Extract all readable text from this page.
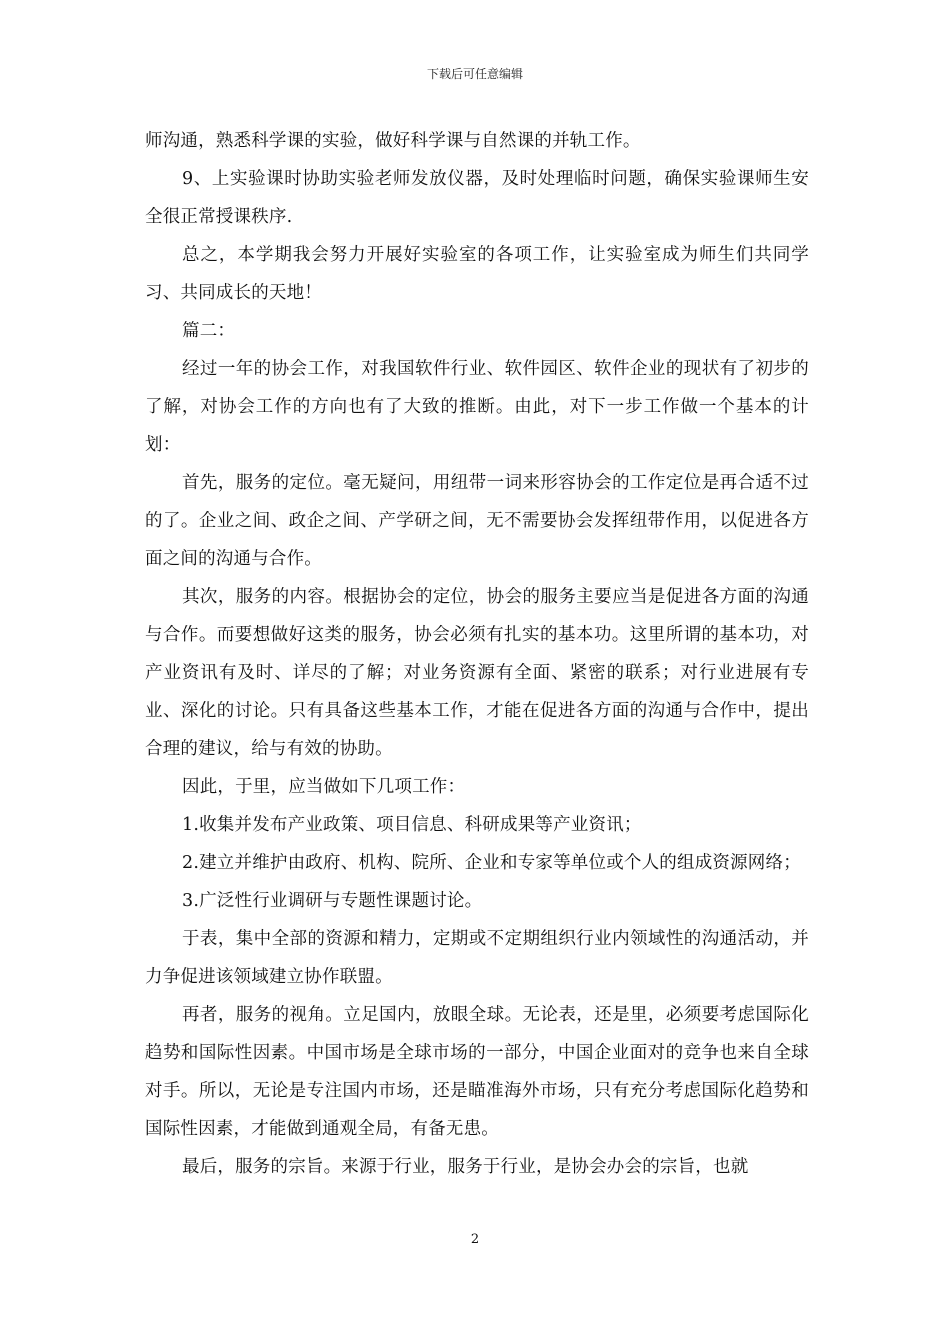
下载后可任意编辑

师沟通，熟悉科学课的实验，做好科学课与自然课的并轨工作。

9、上实验课时协助实验老师发放仪器，及时处理临时问题，确保实验课师生安全很正常授课秩序.

总之，本学期我会努力开展好实验室的各项工作，让实验室成为师生们共同学习、共同成长的天地！

篇二：

经过一年的协会工作，对我国软件行业、软件园区、软件企业的现状有了初步的了解，对协会工作的方向也有了大致的推断。由此，对下一步工作做一个基本的计划：

首先，服务的定位。毫无疑问，用纽带一词来形容协会的工作定位是再合适不过的了。企业之间、政企之间、产学研之间，无不需要协会发挥纽带作用，以促进各方面之间的沟通与合作。

其次，服务的内容。根据协会的定位，协会的服务主要应当是促进各方面的沟通与合作。而要想做好这类的服务，协会必须有扎实的基本功。这里所谓的基本功，对产业资讯有及时、详尽的了解；对业务资源有全面、紧密的联系；对行业进展有专业、深化的讨论。只有具备这些基本工作，才能在促进各方面的沟通与合作中，提出合理的建议，给与有效的协助。

因此，于里，应当做如下几项工作：

1.收集并发布产业政策、项目信息、科研成果等产业资讯；

2.建立并维护由政府、机构、院所、企业和专家等单位或个人的组成资源网络；

3.广泛性行业调研与专题性课题讨论。

于表，集中全部的资源和精力，定期或不定期组织行业内领域性的沟通活动，并力争促进该领域建立协作联盟。

再者，服务的视角。立足国内，放眼全球。无论表，还是里，必须要考虑国际化趋势和国际性因素。中国市场是全球市场的一部分，中国企业面对的竞争也来自全球对手。所以，无论是专注国内市场，还是瞄准海外市场，只有充分考虑国际化趋势和国际性因素，才能做到通观全局，有备无患。

最后，服务的宗旨。来源于行业，服务于行业，是协会办会的宗旨，也就

2
